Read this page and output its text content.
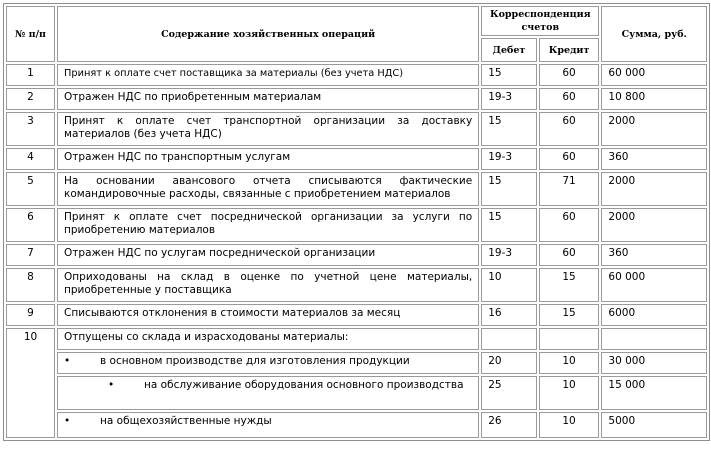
№ п/п	Содержание хозяйственных операций	Корреспонденция счетов		Сумма, руб.
		Дебет	Кредит	
1	Принят к оплате счет поставщика за материалы (без учета НДС)	15	60	60 000
2	Отражен НДС по приобретенным материалам	19-3	60	10 800
3	Принят к оплате счет транспортной организации за доставку материалов (без учета НДС)	15	60	2000
4	Отражен НДС по транспортным услугам	19-3	60	360
5	На основании авансового отчета списываются фактические командировочные расходы, связанные с приобретением материалов	15	71	2000
6	Принят к оплате счет посреднической организации за услуги по приобретению материалов	15	60	2000
7	Отражен НДС по услугам посреднической организации	19-3	60	360
8	Оприходованы на склад в оценке по учетной цене материалы, приобретенные у поставщика	10	15	60 000
9	Списываются отклонения в стоимости материалов за месяц	16	15	6000
10	Отпущены со склада и израсходованы материалы:			
	• в основном производстве для изготовления продукции	20	10	30 000
	• на обслуживание оборудования основного производства	25	10	15 000
	• на общехозяйственные нужды	26	10	5000
